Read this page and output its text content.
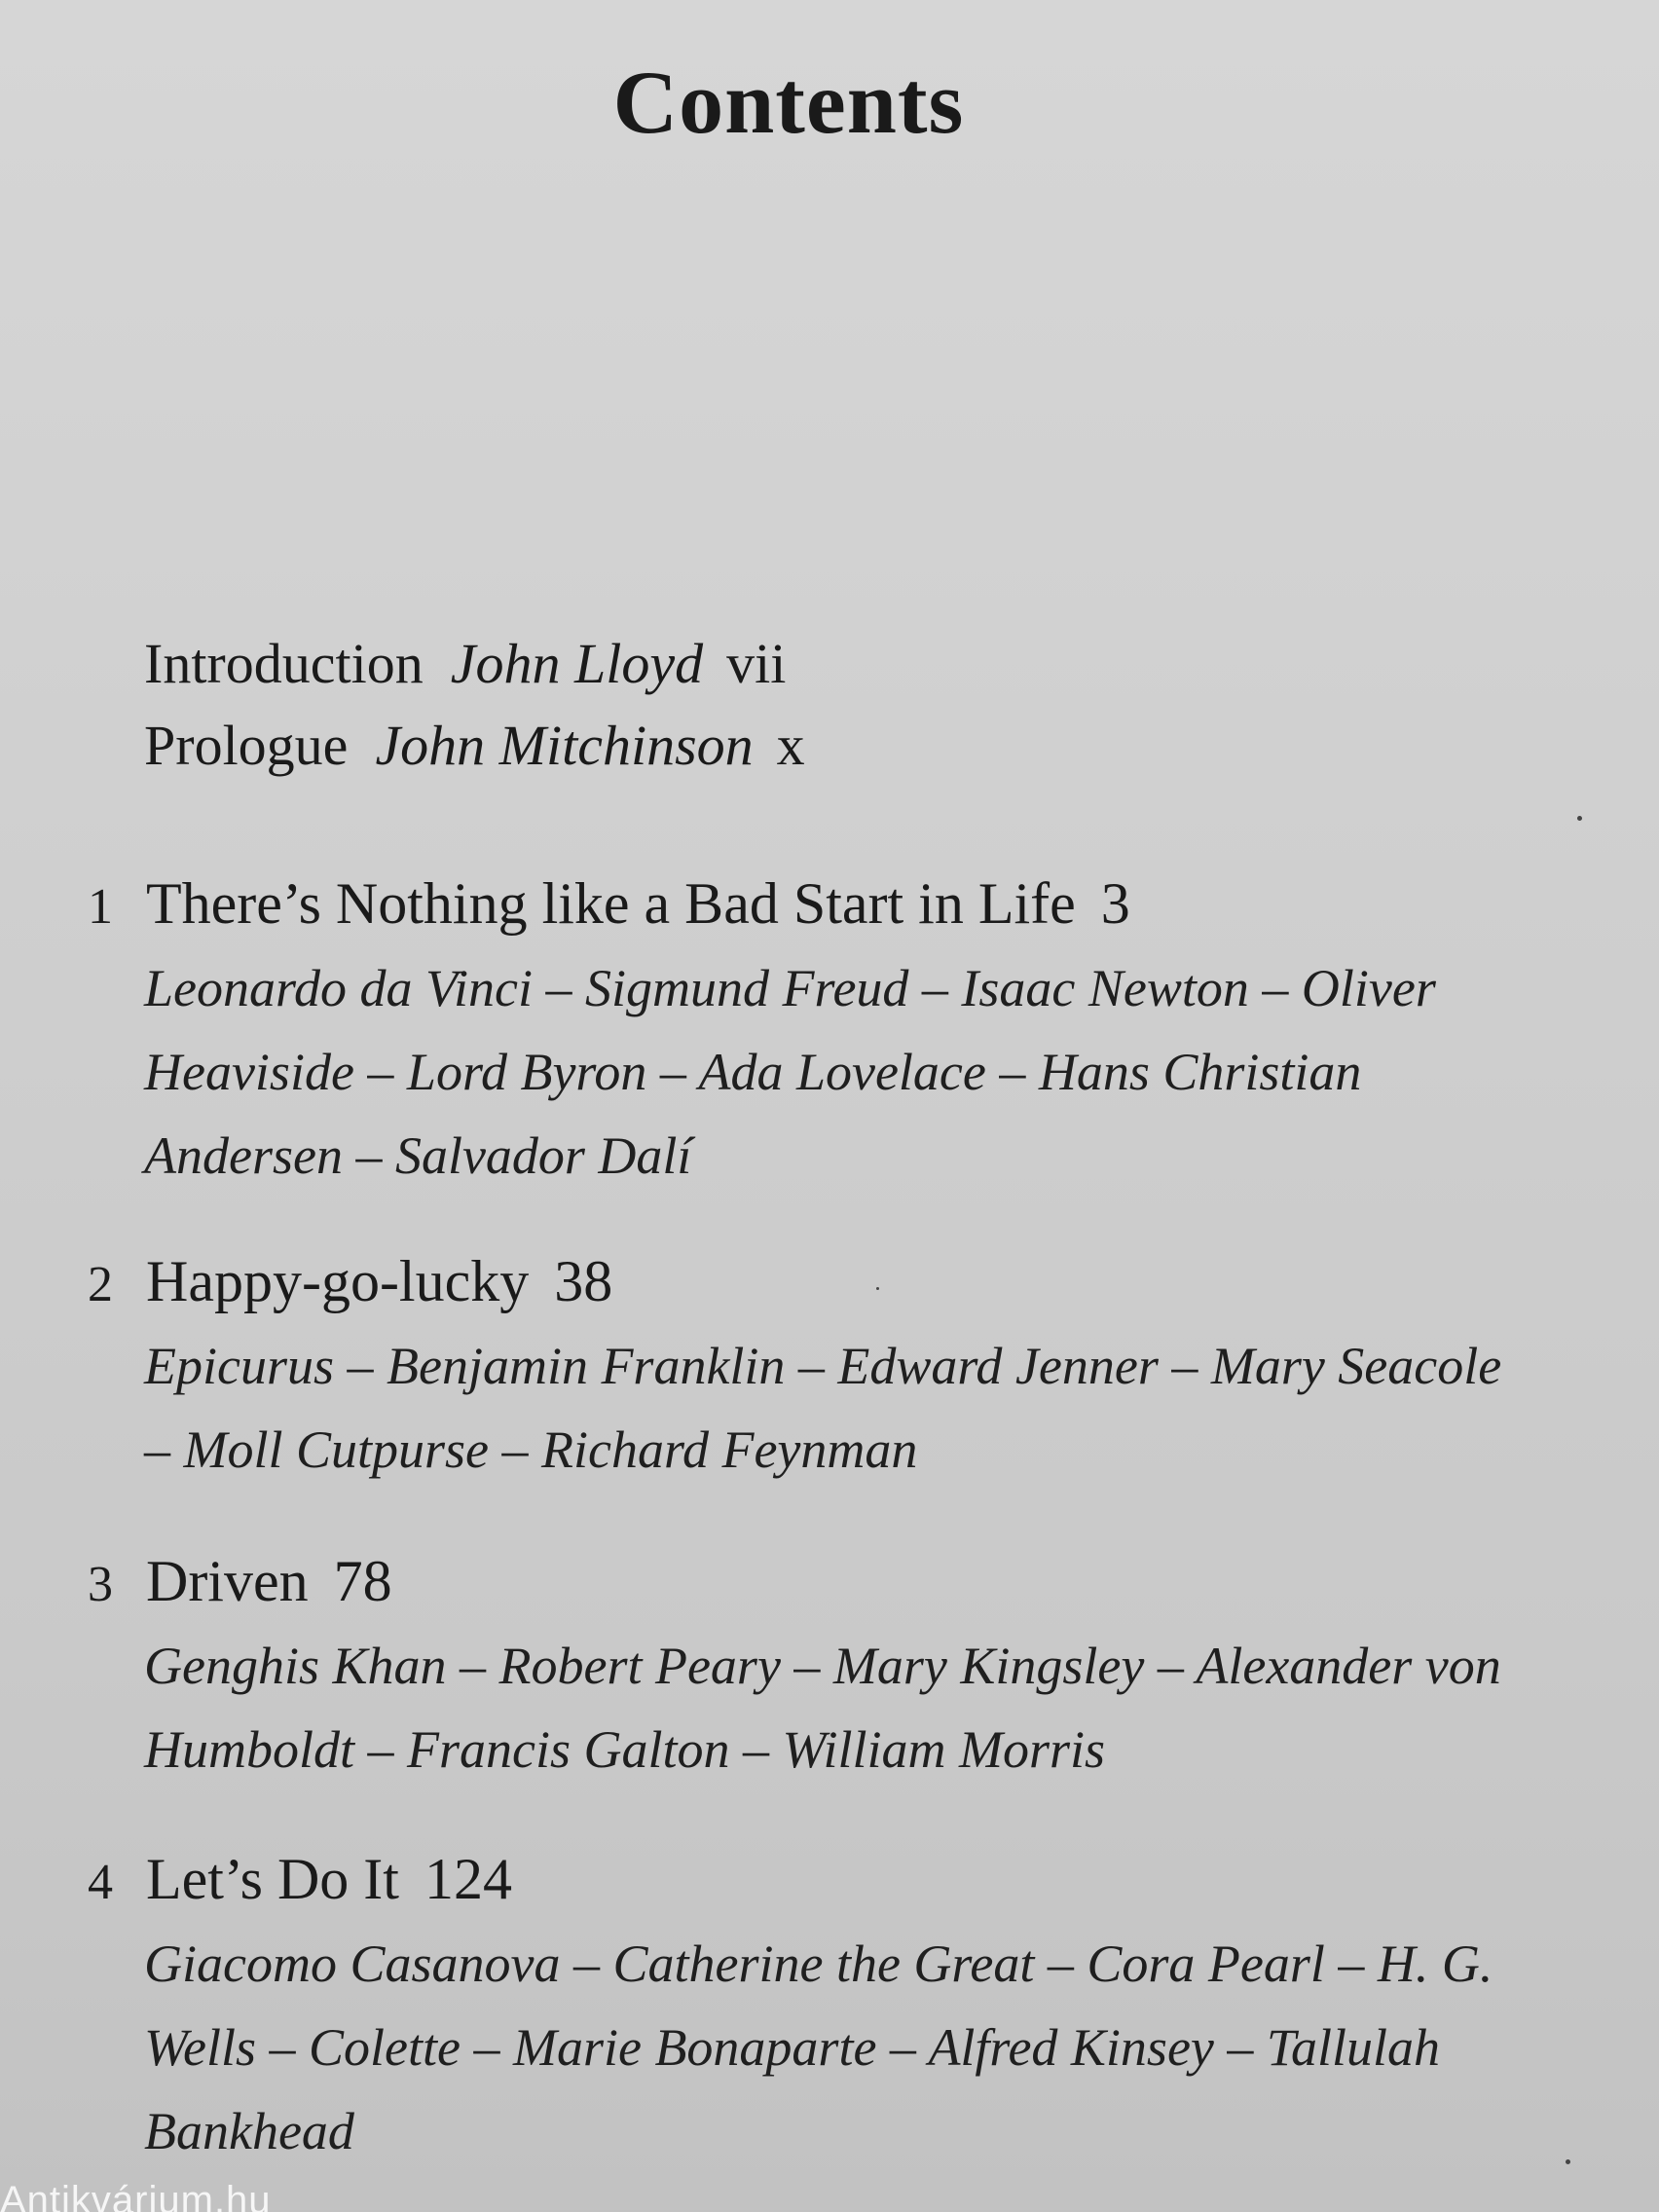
Contents
Introduction John Lloyd vii
Prologue John Mitchinson x
1 There’s Nothing like a Bad Start in Life 3
Leonardo da Vinci – Sigmund Freud – Isaac Newton – Oliver Heaviside – Lord Byron – Ada Lovelace – Hans Christian Andersen – Salvador Dalí
2 Happy-go-lucky 38
Epicurus – Benjamin Franklin – Edward Jenner – Mary Seacole – Moll Cutpurse – Richard Feynman
3 Driven 78
Genghis Khan – Robert Peary – Mary Kingsley – Alexander von Humboldt – Francis Galton – William Morris
4 Let’s Do It 124
Giacomo Casanova – Catherine the Great – Cora Pearl – H. G. Wells – Colette – Marie Bonaparte – Alfred Kinsey – Tallulah Bankhead
Antikvárium.hu
